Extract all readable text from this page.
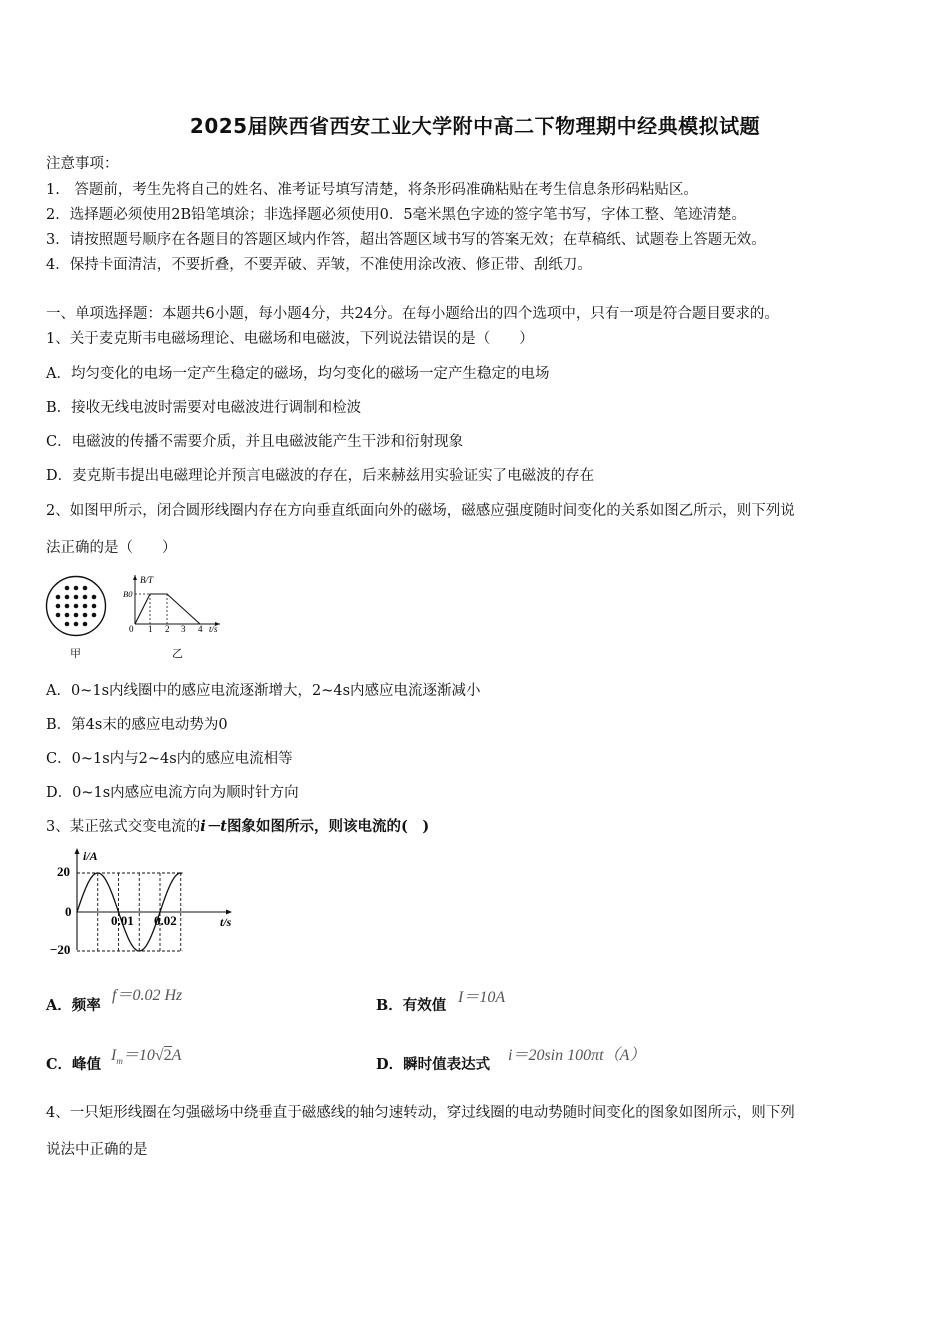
2025届陕西省西安工业大学附中高二下物理期中经典模拟试题
注意事项：
1.　答题前，考生先将自己的姓名、准考证号填写清楚，将条形码准确粘贴在考生信息条形码粘贴区。
2．选择题必须使用2B铅笔填涂；非选择题必须使用0．5毫米黑色字迹的签字笔书写，字体工整、笔迹清楚。
3．请按照题号顺序在各题目的答题区域内作答，超出答题区域书写的答案无效；在草稿纸、试题卷上答题无效。
4．保持卡面清洁，不要折叠，不要弄破、弄皱，不准使用涂改液、修正带、刮纸刀。
一、单项选择题：本题共6小题，每小题4分，共24分。在每小题给出的四个选项中，只有一项是符合题目要求的。
1、关于麦克斯韦电磁场理论、电磁场和电磁波，下列说法错误的是（　　）
A．均匀变化的电场一定产生稳定的磁场，均匀变化的磁场一定产生稳定的电场
B．接收无线电波时需要对电磁波进行调制和检波
C．电磁波的传播不需要介质，并且电磁波能产生干涉和衍射现象
D．麦克斯韦提出电磁理论并预言电磁波的存在，后来赫兹用实验证实了电磁波的存在
2、如图甲所示，闭合圆形线圈内存在方向垂直纸面向外的磁场，磁感应强度随时间变化的关系如图乙所示，则下列说
法正确的是（　　）
甲
B/T
B0
0 1 2 3 4 t/s
乙
A．0~1s内线圈中的感应电流逐渐增大，2~4s内感应电流逐渐减小
B．第4s末的感应电动势为0
C．0~1s内与2~4s内的感应电流相等
D．0~1s内感应电流方向为顺时针方向
3、某正弦式交变电流的i－t图象如图所示，则该电流的(　)
i/A
t/s
20
0
−20
0.01 0.02
A．频率
f＝0.02 Hz
B．有效值 I＝10A
C．峰值
$I_m=10√2A$
D．瞬时值表达式
i＝20sin 100πt（A）
4、一只矩形线圈在匀强磁场中绕垂直于磁感线的轴匀速转动，穿过线圈的电动势随时间变化的图象如图所示，则下列
说法中正确的是
